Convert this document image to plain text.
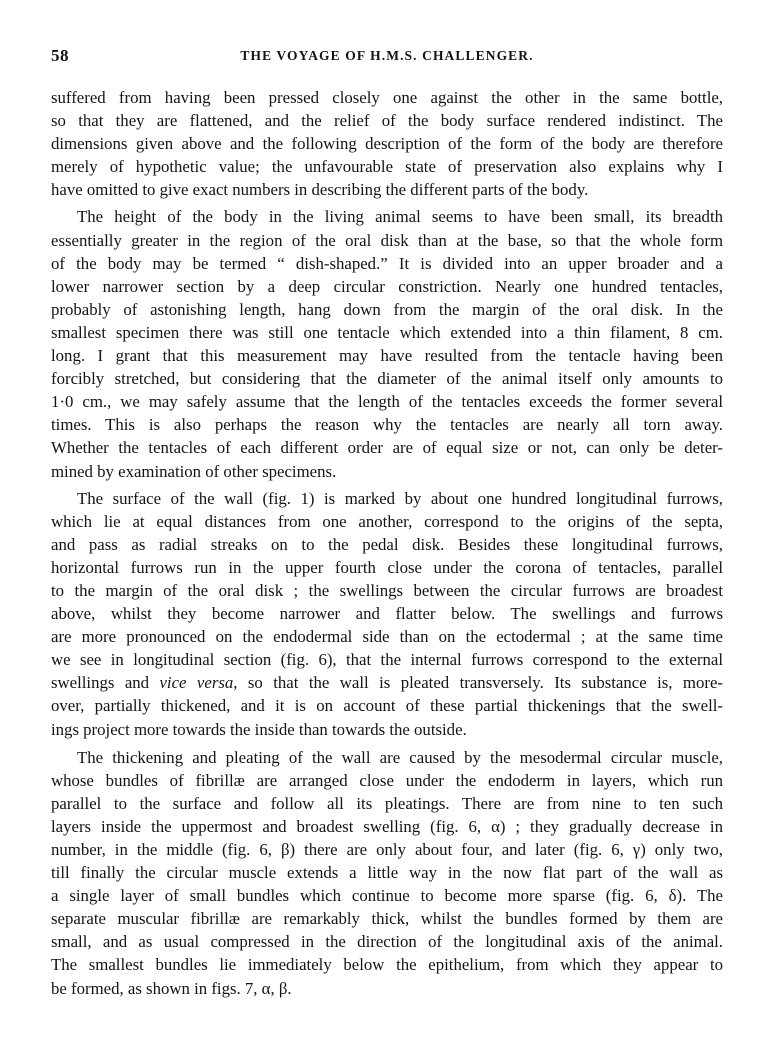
58	THE VOYAGE OF H.M.S. CHALLENGER.
suffered from having been pressed closely one against the other in the same bottle,
so that they are flattened, and the relief of the body surface rendered indistinct. The
dimensions given above and the following description of the form of the body are therefore
merely of hypothetic value; the unfavourable state of preservation also explains why I
have omitted to give exact numbers in describing the different parts of the body.
The height of the body in the living animal seems to have been small, its breadth
essentially greater in the region of the oral disk than at the base, so that the whole form
of the body may be termed “ dish-shaped.” It is divided into an upper broader and a
lower narrower section by a deep circular constriction. Nearly one hundred tentacles,
probably of astonishing length, hang down from the margin of the oral disk. In the
smallest specimen there was still one tentacle which extended into a thin filament, 8 cm.
long. I grant that this measurement may have resulted from the tentacle having been
forcibly stretched, but considering that the diameter of the animal itself only amounts to
1·0 cm., we may safely assume that the length of the tentacles exceeds the former several
times. This is also perhaps the reason why the tentacles are nearly all torn away.
Whether the tentacles of each different order are of equal size or not, can only be deter-
mined by examination of other specimens.
The surface of the wall (fig. 1) is marked by about one hundred longitudinal furrows,
which lie at equal distances from one another, correspond to the origins of the septa,
and pass as radial streaks on to the pedal disk. Besides these longitudinal furrows,
horizontal furrows run in the upper fourth close under the corona of tentacles, parallel
to the margin of the oral disk ; the swellings between the circular furrows are broadest
above, whilst they become narrower and flatter below. The swellings and furrows
are more pronounced on the endodermal side than on the ectodermal ; at the same time
we see in longitudinal section (fig. 6), that the internal furrows correspond to the external
swellings and vice versa, so that the wall is pleated transversely. Its substance is, more-
over, partially thickened, and it is on account of these partial thickenings that the swell-
ings project more towards the inside than towards the outside.
The thickening and pleating of the wall are caused by the mesodermal circular muscle,
whose bundles of fibrillæ are arranged close under the endoderm in layers, which run
parallel to the surface and follow all its pleatings. There are from nine to ten such
layers inside the uppermost and broadest swelling (fig. 6, α) ; they gradually decrease in
number, in the middle (fig. 6, β) there are only about four, and later (fig. 6, γ) only two,
till finally the circular muscle extends a little way in the now flat part of the wall as
a single layer of small bundles which continue to become more sparse (fig. 6, δ). The
separate muscular fibrillæ are remarkably thick, whilst the bundles formed by them are
small, and as usual compressed in the direction of the longitudinal axis of the animal.
The smallest bundles lie immediately below the epithelium, from which they appear to
be formed, as shown in figs. 7, α, β.
